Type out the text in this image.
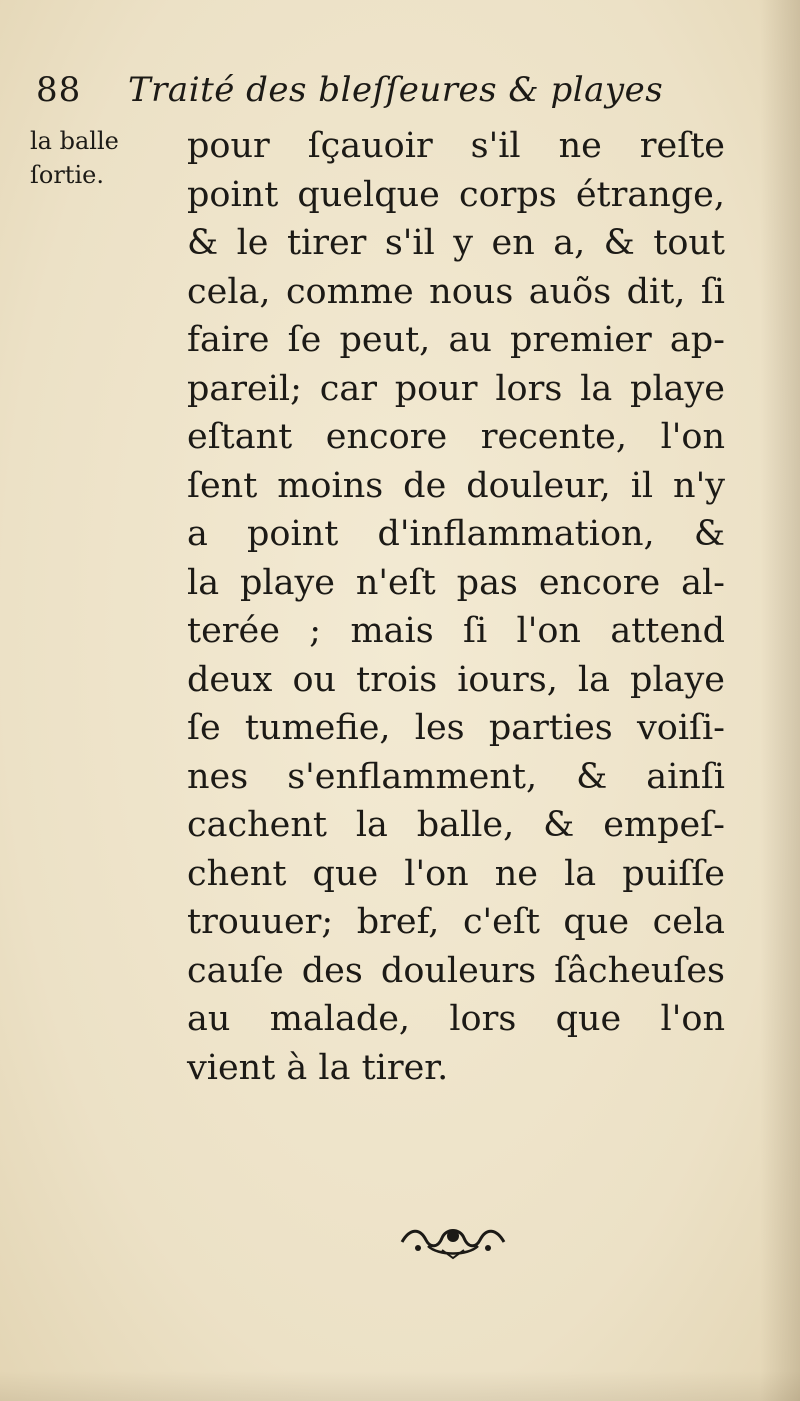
88 Traité des bleſſeures & playes
la balle
ſortie.
pour ſçauoir s'il ne reſte
point quelque corps étrange,
& le tirer s'il y en a, & tout
cela, comme nous auõs dit, ſi
faire ſe peut, au premier ap-
pareil; car pour lors la playe
eſtant encore recente, l'on
ſent moins de douleur, il n'y
a point d'inflammation, &
la playe n'eſt pas encore al-
terée ; mais ſi l'on attend
deux ou trois iours, la playe
ſe tumefie, les parties voiſi-
nes s'enflamment, & ainſi
cachent la balle, & empeſ-
chent que l'on ne la puiſſe
trouuer; bref, c'eſt que cela
cauſe des douleurs ſâcheuſes
au malade, lors que l'on
vient à la tirer.
